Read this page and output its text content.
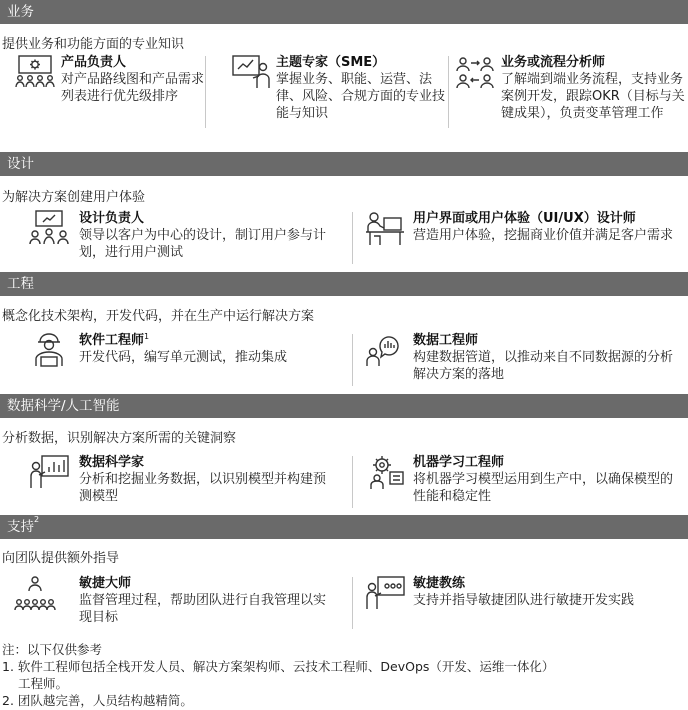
业务
提供业务和功能方面的专业知识
产品负责人
对产品路线图和产品需求列表进行优先级排序
主题专家（SME）
掌握业务、职能、运营、法律、风险、合规方面的专业技能与知识
业务或流程分析师
了解端到端业务流程，支持业务案例开发，跟踪OKR（目标与关键成果），负责变革管理工作
设计
为解决方案创建用户体验
设计负责人
领导以客户为中心的设计，制订用户参与计划，进行用户测试
用户界面或用户体验（UI/UX）设计师
营造用户体验，挖掘商业价值并满足客户需求
工程
概念化技术架构，开发代码，并在生产中运行解决方案
软件工程师$^1$
开发代码，编写单元测试，推动集成
数据工程师
构建数据管道，以推动来自不同数据源的分析解决方案的落地
数据科学/人工智能
分析数据，识别解决方案所需的关键洞察
数据科学家
分析和挖掘业务数据，以识别模型并构建预测模型
机器学习工程师
将机器学习模型运用到生产中，以确保模型的性能和稳定性
支持$^2$
向团队提供额外指导
敏捷大师
监督管理过程，帮助团队进行自我管理以实现目标
敏捷教练
支持并指导敏捷团队进行敏捷开发实践
注：以下仅供参考
1. 软件工程师包括全栈开发人员、解决方案架构师、云技术工程师、DevOps（开发、运维一体化）
工程师。
2. 团队越完善，人员结构越精简。
